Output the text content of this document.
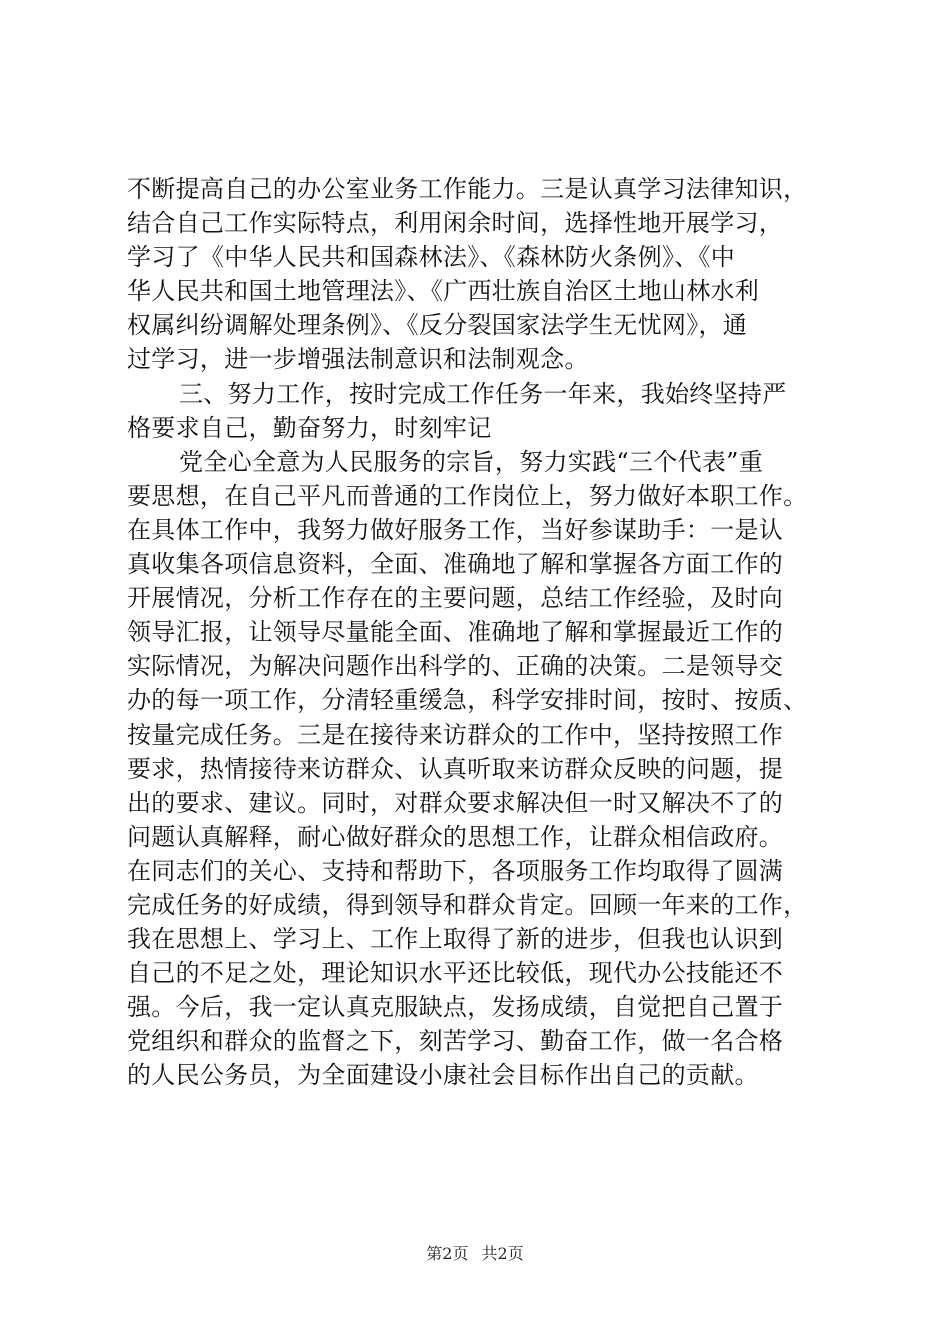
不断提高自己的办公室业务工作能力。三是认真学习法律知识，
结合自己工作实际特点，利用闲余时间，选择性地开展学习，
学习了《中华人民共和国森林法》、《森林防火条例》、《中
华人民共和国土地管理法》、《广西壮族自治区土地山林水利
权属纠纷调解处理条例》、《反分裂国家法学生无忧网》，通
过学习，进一步增强法制意识和法制观念。
三、努力工作，按时完成工作任务一年来，我始终坚持严
格要求自己，勤奋努力，时刻牢记
党全心全意为人民服务的宗旨，努力实践“三个代表”重
要思想，在自己平凡而普通的工作岗位上，努力做好本职工作。
在具体工作中，我努力做好服务工作，当好参谋助手：一是认
真收集各项信息资料，全面、准确地了解和掌握各方面工作的
开展情况，分析工作存在的主要问题，总结工作经验，及时向
领导汇报，让领导尽量能全面、准确地了解和掌握最近工作的
实际情况，为解决问题作出科学的、正确的决策。二是领导交
办的每一项工作，分清轻重缓急，科学安排时间，按时、按质、
按量完成任务。三是在接待来访群众的工作中，坚持按照工作
要求，热情接待来访群众、认真听取来访群众反映的问题，提
出的要求、建议。同时，对群众要求解决但一时又解决不了的
问题认真解释，耐心做好群众的思想工作，让群众相信政府。
在同志们的关心、支持和帮助下，各项服务工作均取得了圆满
完成任务的好成绩，得到领导和群众肯定。回顾一年来的工作，
我在思想上、学习上、工作上取得了新的进步，但我也认识到
自己的不足之处，理论知识水平还比较低，现代办公技能还不
强。今后，我一定认真克服缺点，发扬成绩，自觉把自己置于
党组织和群众的监督之下，刻苦学习、勤奋工作，做一名合格
的人民公务员，为全面建设小康社会目标作出自己的贡献。
第2页 共2页
